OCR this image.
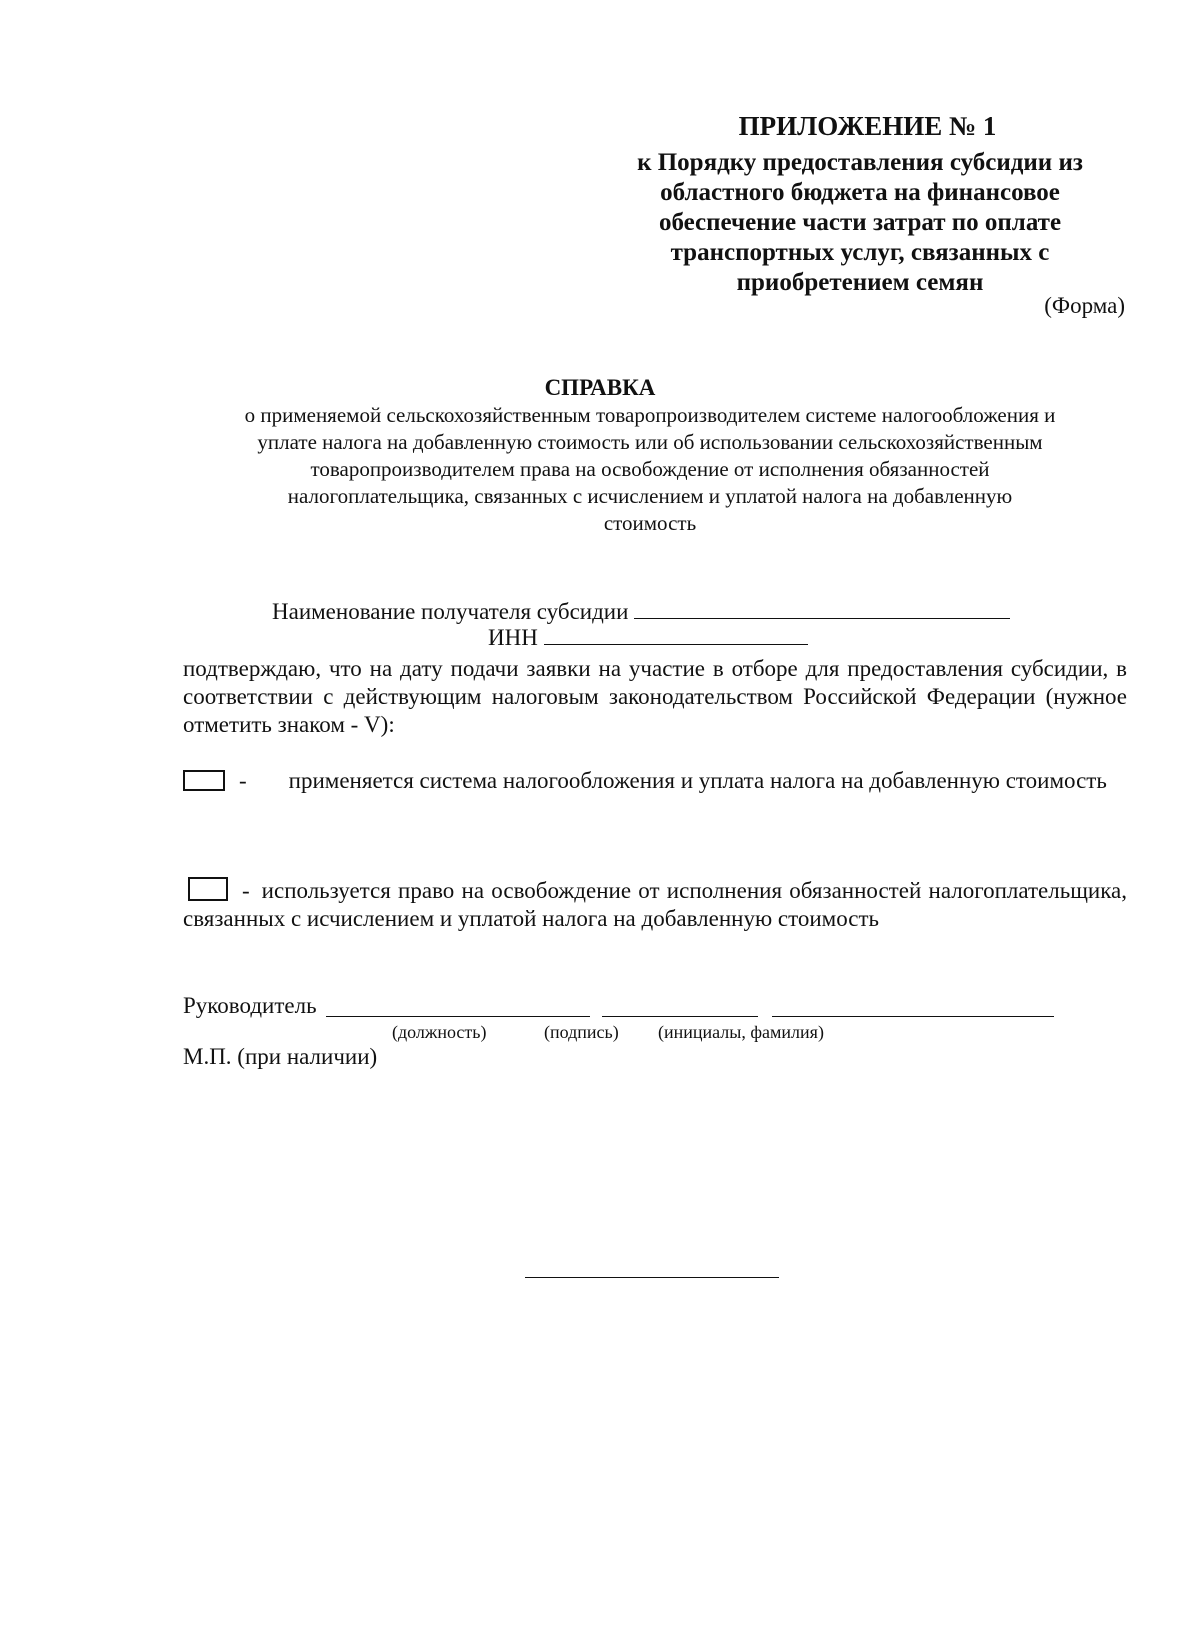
ПРИЛОЖЕНИЕ № 1
к Порядку предоставления субсидии из
областного бюджета на финансовое
обеспечение части затрат по оплате
транспортных услуг, связанных с
приобретением семян
(Форма)
СПРАВКА
о применяемой сельскохозяйственным товаропроизводителем системе налогообложения и
уплате налога на добавленную стоимость или об использовании сельскохозяйственным
товаропроизводителем права на освобождение от исполнения обязанностей
налогоплательщика, связанных с исчислением и уплатой налога на добавленную
стоимость
Наименование получателя субсидии
ИНН
подтверждаю, что на дату подачи заявки на участие в отборе для предоставления субсидии, в соответствии с действующим налоговым законодательством Российской Федерации (нужное отметить знаком - V):
- применяется система налогообложения и уплата налога на добавленную стоимость
- используется право на освобождение от исполнения обязанностей налогоплательщика, связанных с исчислением и уплатой налога на добавленную стоимость
Руководитель
(должность)	(подпись) (инициалы, фамилия)
М.П. (при наличии)
